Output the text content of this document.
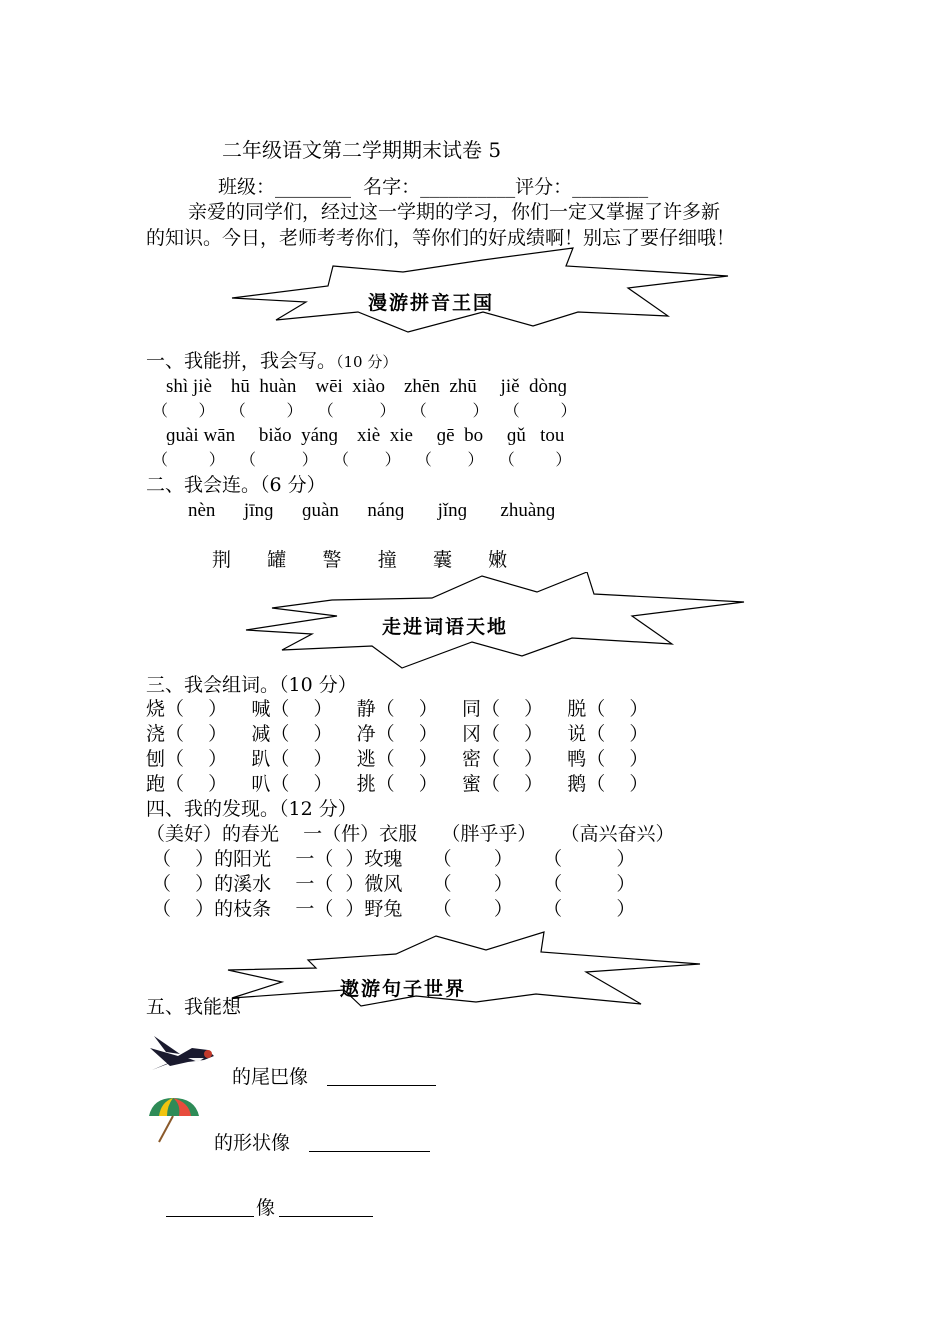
二年级语文第二学期期末试卷 5
班级：________  名字：__________评分：________
亲爱的同学们，经过这一学期的学习，你们一定又掌握了许多新
的知识。今日，老师考考你们，等你们的好成绩啊！别忘了要仔细哦！
漫游拼音王国
一、我能拼，我会写。（10 分）
shì jiè    hū  huàn    wēi  xiào    zhēn  zhū     jiě  dònɡ
（      ）   （        ）   （         ）   （         ）   （        ）
ɡuài wān     biǎo  yánɡ    xiè  xie     ɡē  bo     ɡǔ   tou
（        ）   （         ）   （       ）   （       ）   （        ）
二、我会连。（6 分）
nèn      jīnɡ      ɡuàn      nánɡ       jǐnɡ       zhuànɡ
荆      罐      警      撞      囊      嫩
走进词语天地
三、我会组词。（10 分）
烧（    ）    喊（    ）    静（    ）    同（    ）    脱（    ）
浇（    ）    减（    ）    净（    ）    冈（    ）    说（    ）
刨（    ）    趴（    ）    逃（    ）    密（    ）    鸭（    ）
跑（    ）    叭（    ）    挑（    ）    蜜（    ）    鹅（    ）
四、我的发现。（12 分）
（美好）的春光    一（件）衣服    （胖乎乎）    （高兴奋兴）
（    ）的阳光    一（  ）玫瑰     （       ）     （         ）
（    ）的溪水    一（  ）微风     （       ）     （         ）
（    ）的枝条    一（  ）野兔     （       ）     （         ）
遨游句子世界
五、我能想
的尾巴像
的形状像
像
